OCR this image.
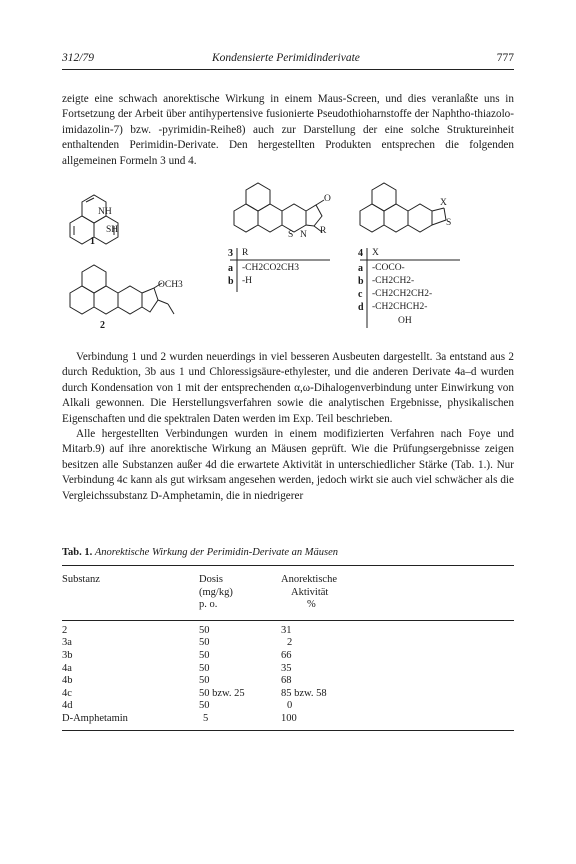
312/79	Kondensierte Perimidinderivate	777

zeigte eine schwach anorektische Wirkung in einem Maus-Screen, und dies veranlaßte uns in Fortsetzung der Arbeit über antihypertensive fusionierte Pseudothioharnstoffe der Naphtho-thiazolo-imidazolin-7) bzw. -pyrimidin-Reihe8) auch zur Darstellung der eine solche Struktureinheit enthaltenden Perimidin-Derivate. Den hergestellten Produkten entsprechen die folgenden allgemeinen Formeln 3 und 4.

NH
SH
1
OCH3
2
N
S	R
O	X
S
3 R
a -CH2CO2CH3
b -H
4 X
a -COCO-
b -CH2CH2-
c -CH2CH2CH2-
d -CH2CHCH2-
OH

Verbindung 1 und 2 wurden neuerdings in viel besseren Ausbeuten dargestellt. 3a entstand aus 2 durch Reduktion, 3b aus 1 und Chloressigsäure-ethylester, und die anderen Derivate 4a–d wurden durch Kondensation von 1 mit der entsprechenden α,ω-Dihalogenverbindung unter Einwirkung von Alkali gewonnen. Die Herstellungsverfahren sowie die analytischen Ergebnisse, physikalischen Eigenschaften und die spektralen Daten werden im Exp. Teil beschrieben.

Alle hergestellten Verbindungen wurden in einem modifizierten Verfahren nach Foye und Mitarb.9) auf ihre anorektische Wirkung an Mäusen geprüft. Wie die Prüfungsergebnisse zeigen besitzen alle Substanzen außer 4d die erwartete Aktivität in unterschiedlicher Stärke (Tab. 1.). Nur Verbindung 4c kann als gut wirksam angesehen werden, jedoch wirkt sie auch viel schwächer als die Vergleichssubstanz D-Amphetamin, die in niedrigerer

Tab. 1. Anorektische Wirkung der Perimidin-Derivate an Mäusen
Substanz	Dosis	Anorektische
	(mg/kg)	Aktivität
	p. o.	%

2	50	31
3a	50	2
3b	50	66
4a	50	35
4b	50	68
4c	50 bzw. 25	85 bzw. 58
4d	50	0
D-Amphetamin	5	100
